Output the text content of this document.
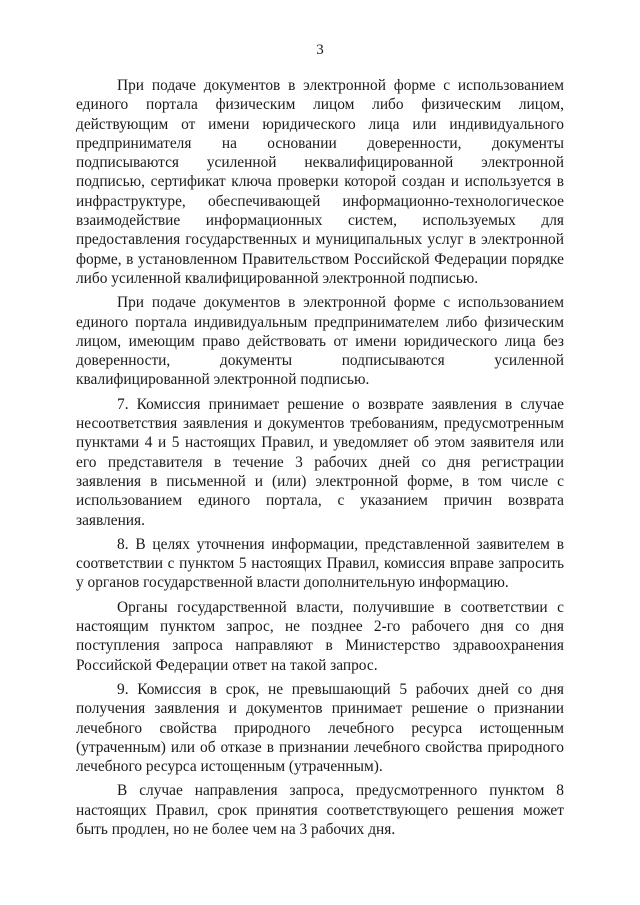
3

При подаче документов в электронной форме с использованием единого портала физическим лицом либо физическим лицом, действующим от имени юридического лица или индивидуального предпринимателя на основании доверенности, документы подписываются усиленной неквалифицированной электронной подписью, сертификат ключа проверки которой создан и используется в инфраструктуре, обеспечивающей информационно-технологическое взаимодействие информационных систем, используемых для предоставления государственных и муниципальных услуг в электронной форме, в установленном Правительством Российской Федерации порядке либо усиленной квалифицированной электронной подписью.

При подаче документов в электронной форме с использованием единого портала индивидуальным предпринимателем либо физическим лицом, имеющим право действовать от имени юридического лица без доверенности, документы подписываются усиленной квалифицированной электронной подписью.

7. Комиссия принимает решение о возврате заявления в случае несоответствия заявления и документов требованиям, предусмотренным пунктами 4 и 5 настоящих Правил, и уведомляет об этом заявителя или его представителя в течение 3 рабочих дней со дня регистрации заявления в письменной и (или) электронной форме, в том числе с использованием единого портала, с указанием причин возврата заявления.

8. В целях уточнения информации, представленной заявителем в соответствии с пунктом 5 настоящих Правил, комиссия вправе запросить у органов государственной власти дополнительную информацию.

Органы государственной власти, получившие в соответствии с настоящим пунктом запрос, не позднее 2-го рабочего дня со дня поступления запроса направляют в Министерство здравоохранения Российской Федерации ответ на такой запрос.

9. Комиссия в срок, не превышающий 5 рабочих дней со дня получения заявления и документов принимает решение о признании лечебного свойства природного лечебного ресурса истощенным (утраченным) или об отказе в признании лечебного свойства природного лечебного ресурса истощенным (утраченным).

В случае направления запроса, предусмотренного пунктом 8 настоящих Правил, срок принятия соответствующего решения может быть продлен, но не более чем на 3 рабочих дня.
